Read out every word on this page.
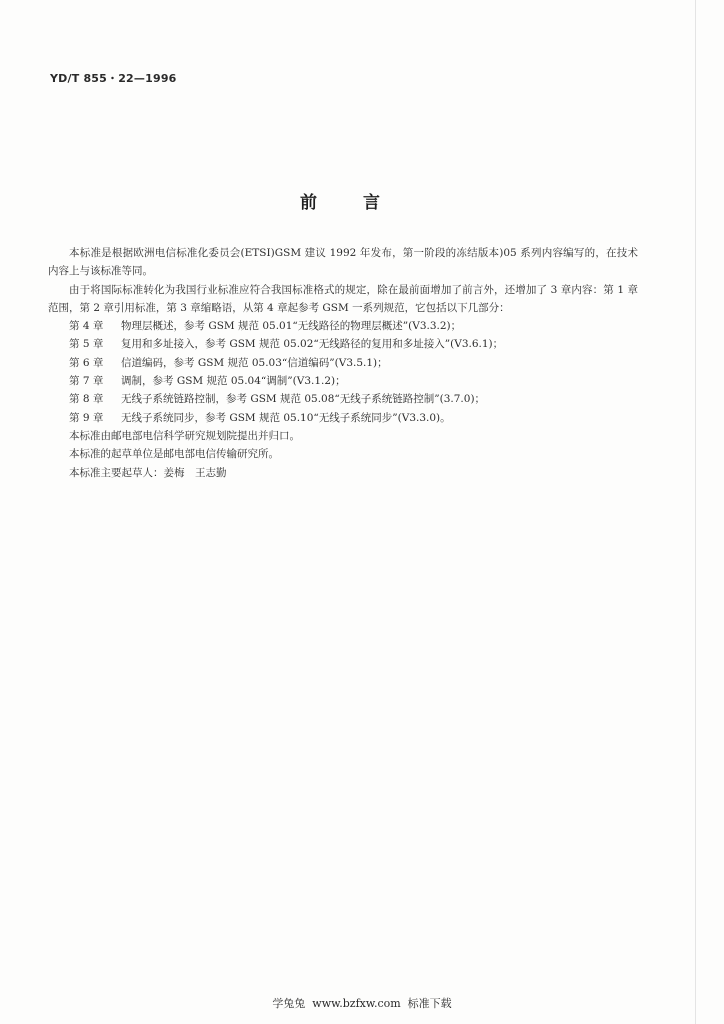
YD/T 855・22—1996
前	言

本标准是根据欧洲电信标准化委员会(ETSI)GSM 建议 1992 年发布，第一阶段的冻结版本)05 系列内容编写的，在技术内容上与该标准等同。

由于将国际标准转化为我国行业标准应符合我国标准格式的规定，除在最前面增加了前言外，还增加了 3 章内容：第 1 章范围，第 2 章引用标准，第 3 章缩略语，从第 4 章起参考 GSM 一系列规范，它包括以下几部分：

第 4 章 物理层概述，参考 GSM 规范 05.01“无线路径的物理层概述”(V3.3.2)；

第 5 章 复用和多址接入，参考 GSM 规范 05.02“无线路径的复用和多址接入”(V3.6.1)；

第 6 章 信道编码，参考 GSM 规范 05.03“信道编码”(V3.5.1)；

第 7 章 调制，参考 GSM 规范 05.04“调制”(V3.1.2)；

第 8 章 无线子系统链路控制，参考 GSM 规范 05.08“无线子系统链路控制”(3.7.0)；

第 9 章 无线子系统同步，参考 GSM 规范 05.10“无线子系统同步”(V3.3.0)。

本标准由邮电部电信科学研究规划院提出并归口。

本标准的起草单位是邮电部电信传输研究所。

本标准主要起草人：姜梅　王志勤

学兔兔  www.bzfxw.com  标准下载
